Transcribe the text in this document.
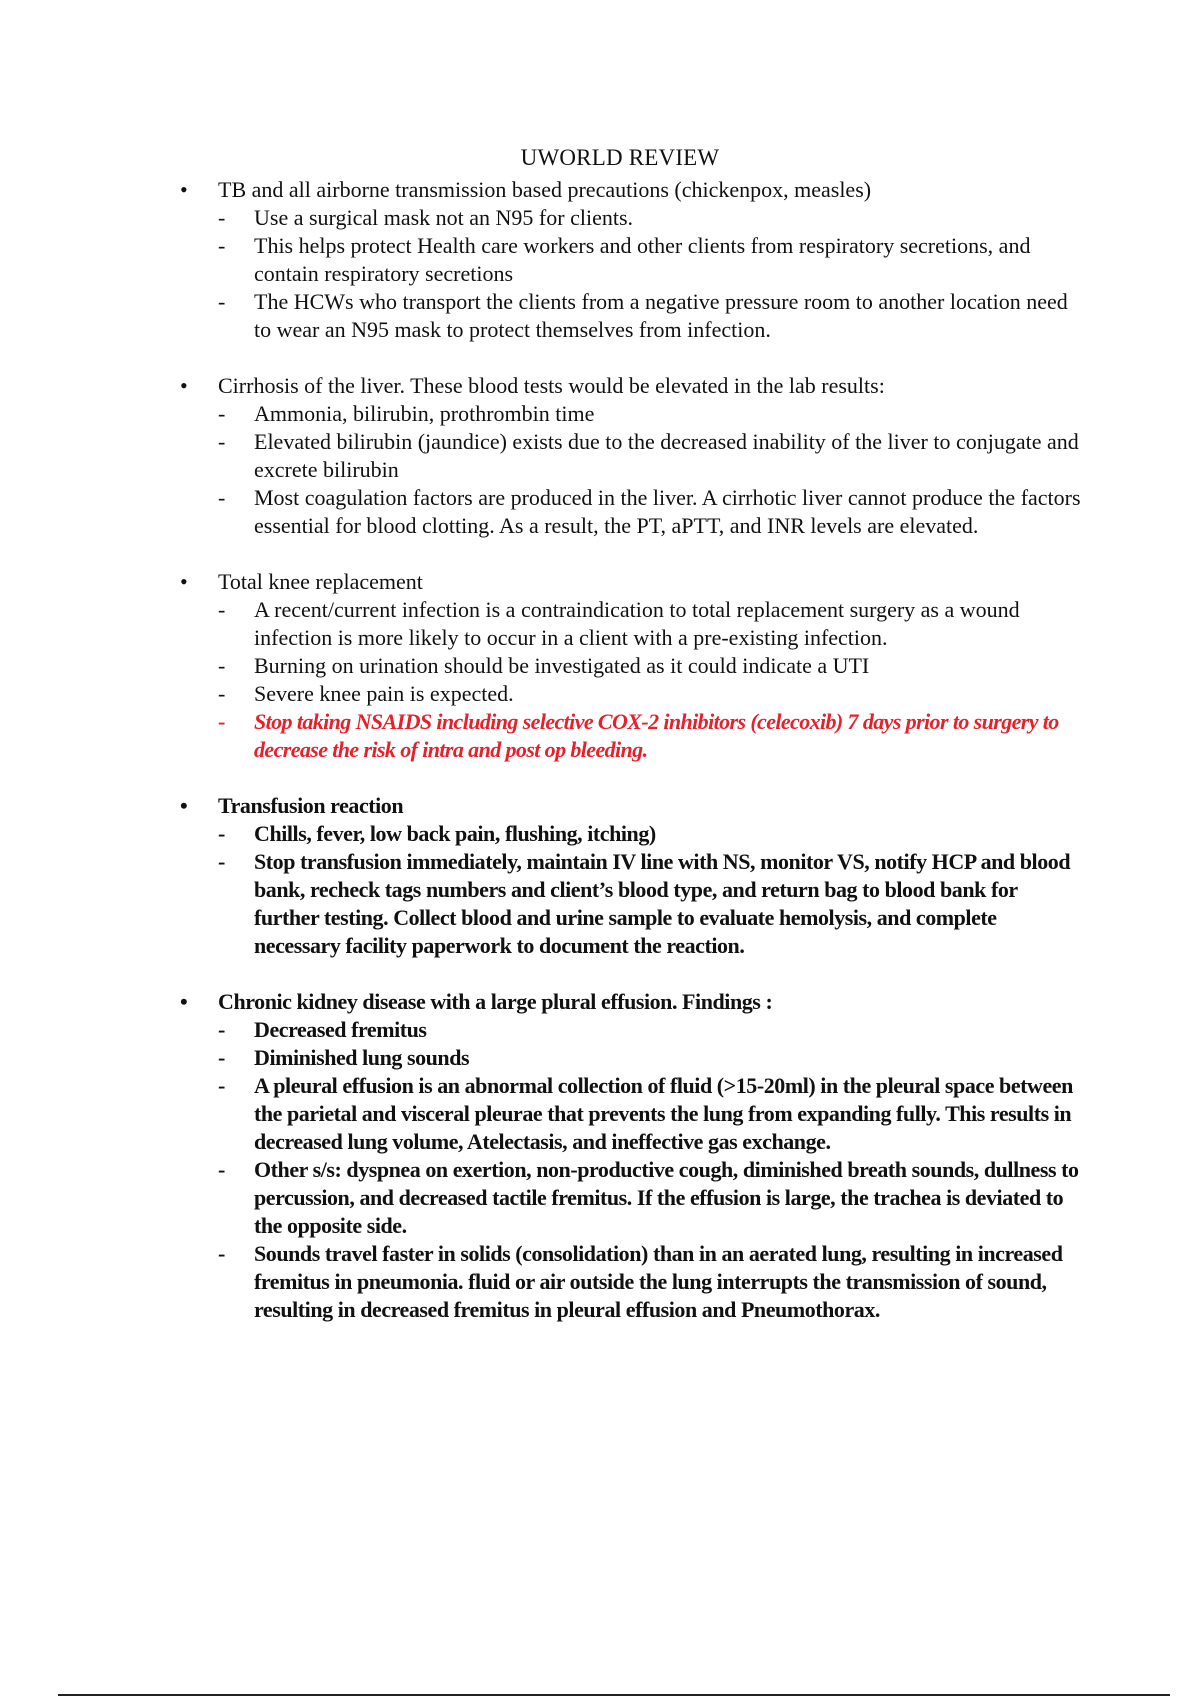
UWORLD REVIEW
• TB and all airborne transmission based precautions (chickenpox, measles)
- Use a surgical mask not an N95 for clients.
- This helps protect Health care workers and other clients from respiratory secretions, and contain respiratory secretions
- The HCWs who transport the clients from a negative pressure room to another location need to wear an N95 mask to protect themselves from infection.
• Cirrhosis of the liver. These blood tests would be elevated in the lab results:
- Ammonia, bilirubin, prothrombin time
- Elevated bilirubin (jaundice) exists due to the decreased inability of the liver to conjugate and excrete bilirubin
- Most coagulation factors are produced in the liver. A cirrhotic liver cannot produce the factors essential for blood clotting. As a result, the PT, aPTT, and INR levels are elevated.
• Total knee replacement
- A recent/current infection is a contraindication to total replacement surgery as a wound infection is more likely to occur in a client with a pre-existing infection.
- Burning on urination should be investigated as it could indicate a UTI
- Severe knee pain is expected.
- Stop taking NSAIDS including selective COX-2 inhibitors (celecoxib) 7 days prior to surgery to decrease the risk of intra and post op bleeding.
• Transfusion reaction
- Chills, fever, low back pain, flushing, itching)
- Stop transfusion immediately, maintain IV line with NS, monitor VS, notify HCP and blood bank, recheck tags numbers and client’s blood type, and return bag to blood bank for further testing. Collect blood and urine sample to evaluate hemolysis, and complete necessary facility paperwork to document the reaction.
• Chronic kidney disease with a large plural effusion. Findings :
- Decreased fremitus
- Diminished lung sounds
- A pleural effusion is an abnormal collection of fluid (>15-20ml) in the pleural space between the parietal and visceral pleurae that prevents the lung from expanding fully. This results in decreased lung volume, Atelectasis, and ineffective gas exchange.
- Other s/s: dyspnea on exertion, non-productive cough, diminished breath sounds, dullness to percussion, and decreased tactile fremitus. If the effusion is large, the trachea is deviated to the opposite side.
- Sounds travel faster in solids (consolidation) than in an aerated lung, resulting in increased fremitus in pneumonia. fluid or air outside the lung interrupts the transmission of sound, resulting in decreased fremitus in pleural effusion and Pneumothorax.
